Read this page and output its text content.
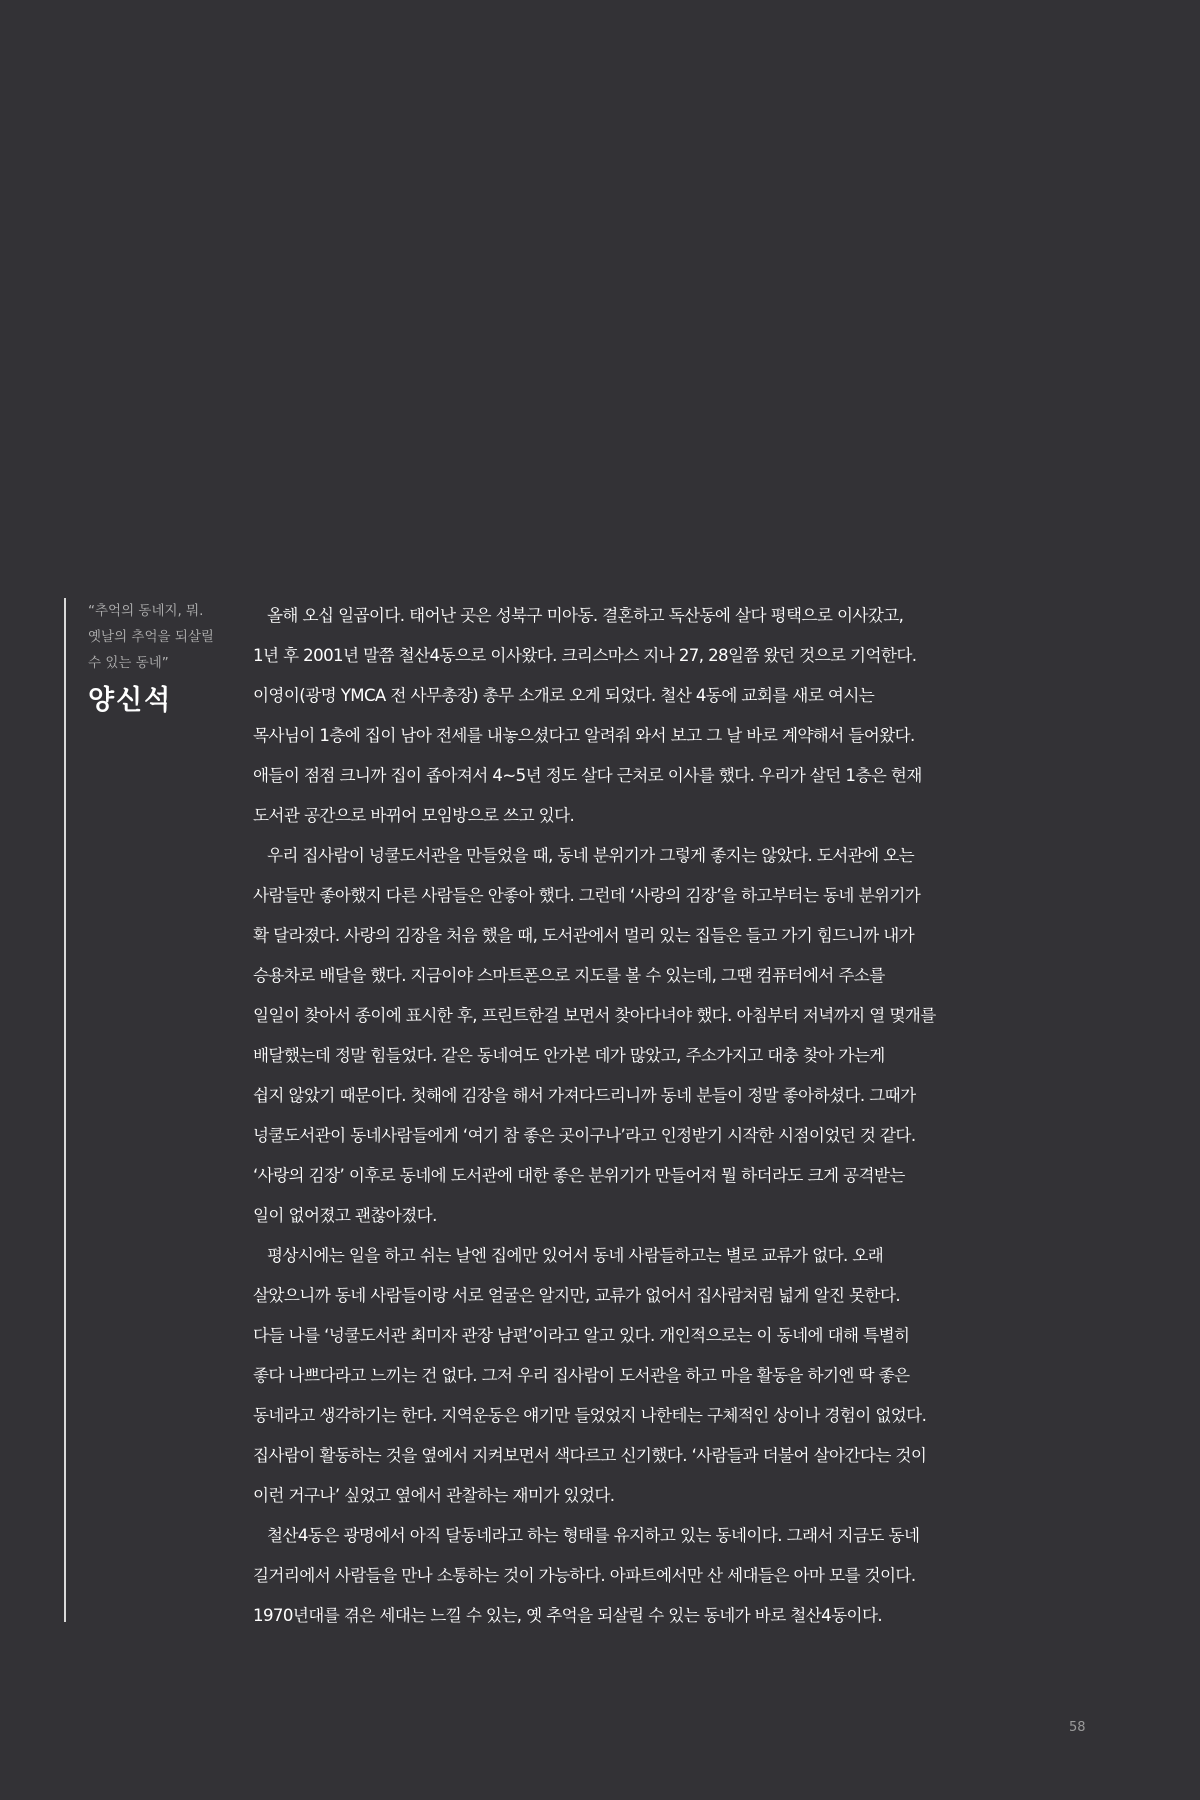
“추억의 동네지, 뭐.
옛날의 추억을 되살릴
수 있는 동네”
양신석
올해 오십 일곱이다. 태어난 곳은 성북구 미아동. 결혼하고 독산동에 살다 평택으로 이사갔고,
1년 후 2001년 말쯤 철산4동으로 이사왔다. 크리스마스 지나 27, 28일쯤 왔던 것으로 기억한다.
이영이(광명 YMCA 전 사무총장) 총무 소개로 오게 되었다. 철산 4동에 교회를 새로 여시는
목사님이 1층에 집이 남아 전세를 내놓으셨다고 알려줘 와서 보고 그 날 바로 계약해서 들어왔다.
애들이 점점 크니까 집이 좁아져서 4~5년 정도 살다 근처로 이사를 했다. 우리가 살던 1층은 현재
도서관 공간으로 바뀌어 모임방으로 쓰고 있다.
우리 집사람이 넝쿨도서관을 만들었을 때, 동네 분위기가 그렇게 좋지는 않았다. 도서관에 오는
사람들만 좋아했지 다른 사람들은 안좋아 했다. 그런데 ‘사랑의 김장’을 하고부터는 동네 분위기가
확 달라졌다. 사랑의 김장을 처음 했을 때, 도서관에서 멀리 있는 집들은 들고 가기 힘드니까 내가
승용차로 배달을 했다. 지금이야 스마트폰으로 지도를 볼 수 있는데, 그땐 컴퓨터에서 주소를
일일이 찾아서 종이에 표시한 후, 프린트한걸 보면서 찾아다녀야 했다. 아침부터 저녁까지 열 몇개를
배달했는데 정말 힘들었다. 같은 동네여도 안가본 데가 많았고, 주소가지고 대충 찾아 가는게
쉽지 않았기 때문이다. 첫해에 김장을 해서 가져다드리니까 동네 분들이 정말 좋아하셨다. 그때가
넝쿨도서관이 동네사람들에게 ‘여기 참 좋은 곳이구나’라고 인정받기 시작한 시점이었던 것 같다.
‘사랑의 김장’ 이후로 동네에 도서관에 대한 좋은 분위기가 만들어져 뭘 하더라도 크게 공격받는
일이 없어졌고 괜찮아졌다.
평상시에는 일을 하고 쉬는 날엔 집에만 있어서 동네 사람들하고는 별로 교류가 없다. 오래
살았으니까 동네 사람들이랑 서로 얼굴은 알지만, 교류가 없어서 집사람처럼 넓게 알진 못한다.
다들 나를 ‘넝쿨도서관 최미자 관장 남편’이라고 알고 있다. 개인적으로는 이 동네에 대해 특별히
좋다 나쁘다라고 느끼는 건 없다. 그저 우리 집사람이 도서관을 하고 마을 활동을 하기엔 딱 좋은
동네라고 생각하기는 한다. 지역운동은 얘기만 들었었지 나한테는 구체적인 상이나 경험이 없었다.
집사람이 활동하는 것을 옆에서 지켜보면서 색다르고 신기했다. ‘사람들과 더불어 살아간다는 것이
이런 거구나’ 싶었고 옆에서 관찰하는 재미가 있었다.
철산4동은 광명에서 아직 달동네라고 하는 형태를 유지하고 있는 동네이다. 그래서 지금도 동네
길거리에서 사람들을 만나 소통하는 것이 가능하다. 아파트에서만 산 세대들은 아마 모를 것이다.
1970년대를 겪은 세대는 느낄 수 있는, 옛 추억을 되살릴 수 있는 동네가 바로 철산4동이다.
58
